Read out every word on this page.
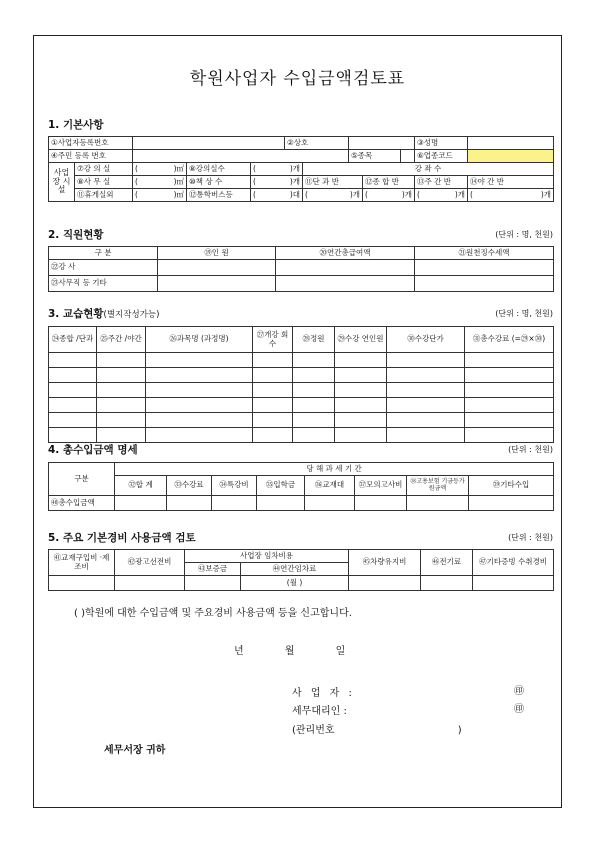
학원사업자 수입금액검토표
1. 기본사항
①사업자등록번호					②상호					③성명	
④주민 등록 번호							⑤종목			⑥업종코드	
사업장 시설	⑦강 의 실	( )㎡	⑧강의실수	( )개		강 좌 수					
	⑧사 무 실	( )㎡	⑩책 상 수	( )개		⑪단 과 반		⑫종 합 반		⑬주 간 반	⑭야 간 반
	⑪휴게실외	( )㎡	⑫통학버스등	( )대		( )개		( )개		( )개	( )개
2. 직원현황	(단위 : 명, 천원)
구 분	⑲인 원	⑳연간총급여액	㉑원천징수세액
㉒강 사			
㉓사무직 등 기타			
3. 교습현황(별지작성가능)	(단위 : 명, 천원)
㉔종합 /단과	㉕주간 /야간	㉖과목명 (과정명)	㉗개강 회수	㉘정원	㉙수강 연인원	㉚수강단가	㉛총수강료 (=㉙×㉚)

4. 총수입금액 명세	(단위 : 천원)
구분	당 해 과 세 기 간							
	㉜합 계	㉝수강료	㉞특강비	㉟입학금	㊱교재대	㊲모의고사비	㊳고용보험 기금등가원금액	㊴기타수입
㊵총수입금액								
5. 주요 기본경비 사용금액 검토	(단위 : 천원)
㊶교재구입비 ·제조비	㊷광고선전비	사업장 임차비용		㊺차량유지비	㊻전기료	㊼기타증빙 수취경비
		㊸보증금	㊹연간임차료			
			(월 )			
( )학원에 대한 수입금액 및 주요경비 사용금액 등을 신고합니다.
년 월 일
사 업 자 :	㊞
세무대리인 :	㊞
(관리번호 )
세무서장 귀하
